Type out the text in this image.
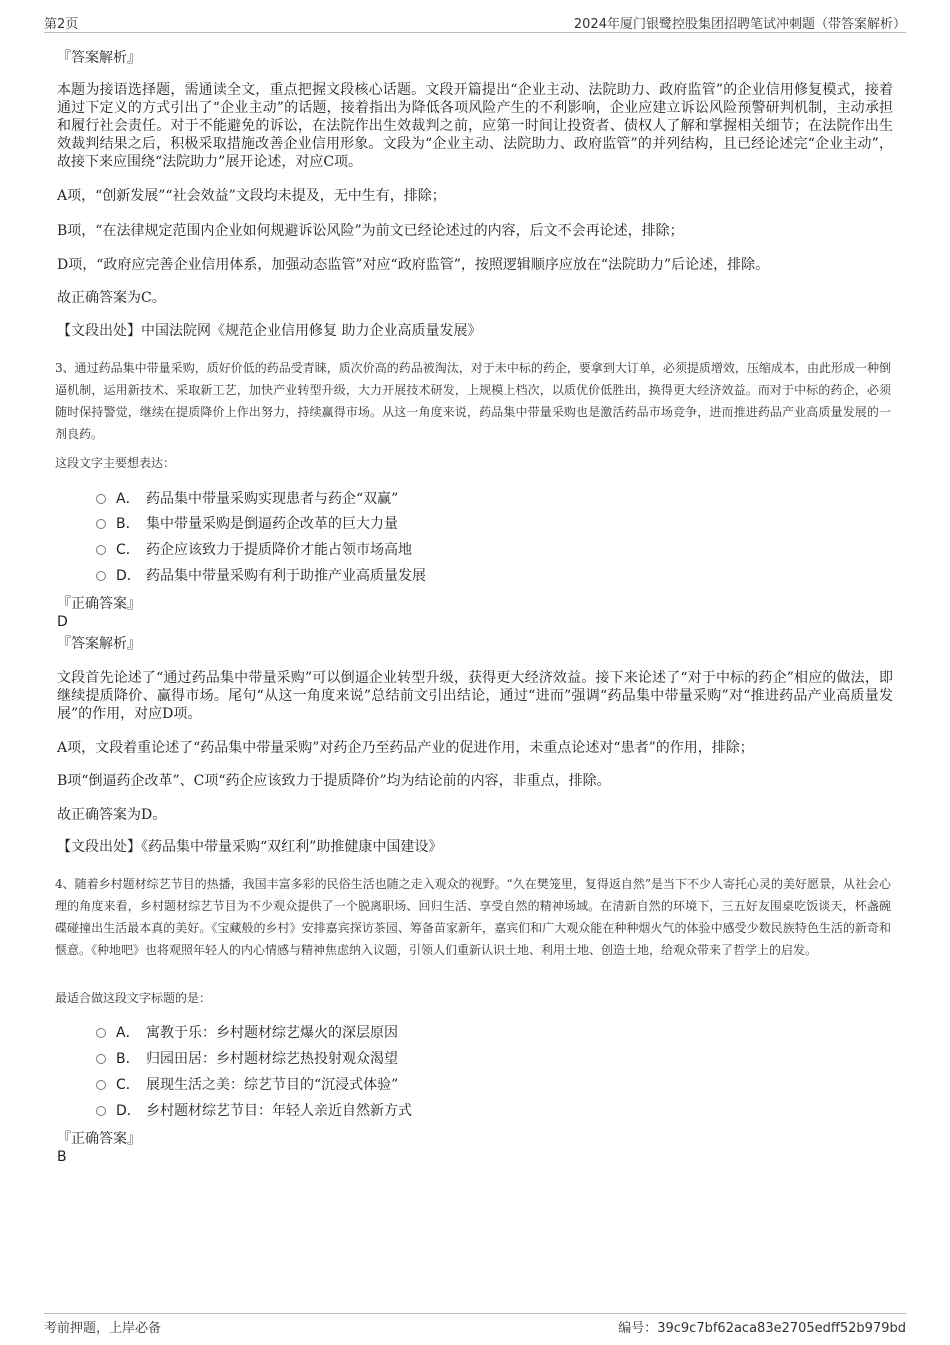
第2页	2024年厦门银鹭控股集团招聘笔试冲刺题（带答案解析）
『答案解析』
本题为接语选择题，需通读全文，重点把握文段核心话题。文段开篇提出“企业主动、法院助力、政府监管”的企业信用修复模式，接着通过下定义的方式引出了“企业主动”的话题，接着指出为降低各项风险产生的不利影响，企业应建立诉讼风险预警研判机制，主动承担和履行社会责任。对于不能避免的诉讼，在法院作出生效裁判之前，应第一时间让投资者、债权人了解和掌握相关细节；在法院作出生效裁判结果之后，积极采取措施改善企业信用形象。文段为“企业主动、法院助力、政府监管”的并列结构，且已经论述完“企业主动”，故接下来应围绕“法院助力”展开论述，对应C项。
A项，“创新发展”“社会效益”文段均未提及，无中生有，排除；
B项，“在法律规定范围内企业如何规避诉讼风险”为前文已经论述过的内容，后文不会再论述，排除；
D项，“政府应完善企业信用体系，加强动态监管”对应“政府监管”，按照逻辑顺序应放在“法院助力”后论述，排除。
故正确答案为C。
【文段出处】中国法院网《规范企业信用修复 助力企业高质量发展》
3、通过药品集中带量采购，质好价低的药品受青睐，质次价高的药品被淘汰，对于未中标的药企，要拿到大订单，必须提质增效，压缩成本，由此形成一种倒逼机制，运用新技术、采取新工艺，加快产业转型升级，大力开展技术研发，上规模上档次，以质优价低胜出，换得更大经济效益。而对于中标的药企，必须随时保持警觉，继续在提质降价上作出努力，持续赢得市场。从这一角度来说，药品集中带量采购也是激活药品市场竞争，进而推进药品产业高质量发展的一剂良药。
这段文字主要想表达：
A． 药品集中带量采购实现患者与药企“双赢”
B． 集中带量采购是倒逼药企改革的巨大力量
C． 药企应该致力于提质降价才能占领市场高地
D． 药品集中带量采购有利于助推产业高质量发展
『正确答案』
D
『答案解析』
文段首先论述了“通过药品集中带量采购”可以倒逼企业转型升级，获得更大经济效益。接下来论述了“对于中标的药企”相应的做法，即继续提质降价、赢得市场。尾句“从这一角度来说”总结前文引出结论，通过“进而”强调“药品集中带量采购”对“推进药品产业高质量发展”的作用，对应D项。
A项，文段着重论述了“药品集中带量采购”对药企乃至药品产业的促进作用，未重点论述对“患者”的作用，排除；
B项“倒逼药企改革”、C项“药企应该致力于提质降价”均为结论前的内容，非重点，排除。
故正确答案为D。
【文段出处】《药品集中带量采购“双红利”助推健康中国建设》
4、随着乡村题材综艺节目的热播，我国丰富多彩的民俗生活也随之走入观众的视野。“久在樊笼里，复得返自然”是当下不少人寄托心灵的美好愿景，从社会心理的角度来看，乡村题材综艺节目为不少观众提供了一个脱离职场、回归生活、享受自然的精神场域。在清新自然的环境下，三五好友围桌吃饭谈天，杯盏碗碟碰撞出生活最本真的美好。《宝藏般的乡村》安排嘉宾探访茶园、筹备苗家新年，嘉宾们和广大观众能在种种烟火气的体验中感受少数民族特色生活的新奇和惬意。《种地吧》也将观照年轻人的内心情感与精神焦虑纳入议题，引领人们重新认识土地、利用土地、创造土地，给观众带来了哲学上的启发。
最适合做这段文字标题的是：
A． 寓教于乐：乡村题材综艺爆火的深层原因
B． 归园田居：乡村题材综艺热投射观众渴望
C． 展现生活之美：综艺节目的“沉浸式体验”
D． 乡村题材综艺节目：年轻人亲近自然新方式
『正确答案』
B
考前押题，上岸必备	编号：39c9c7bf62aca83e2705edff52b979bd
